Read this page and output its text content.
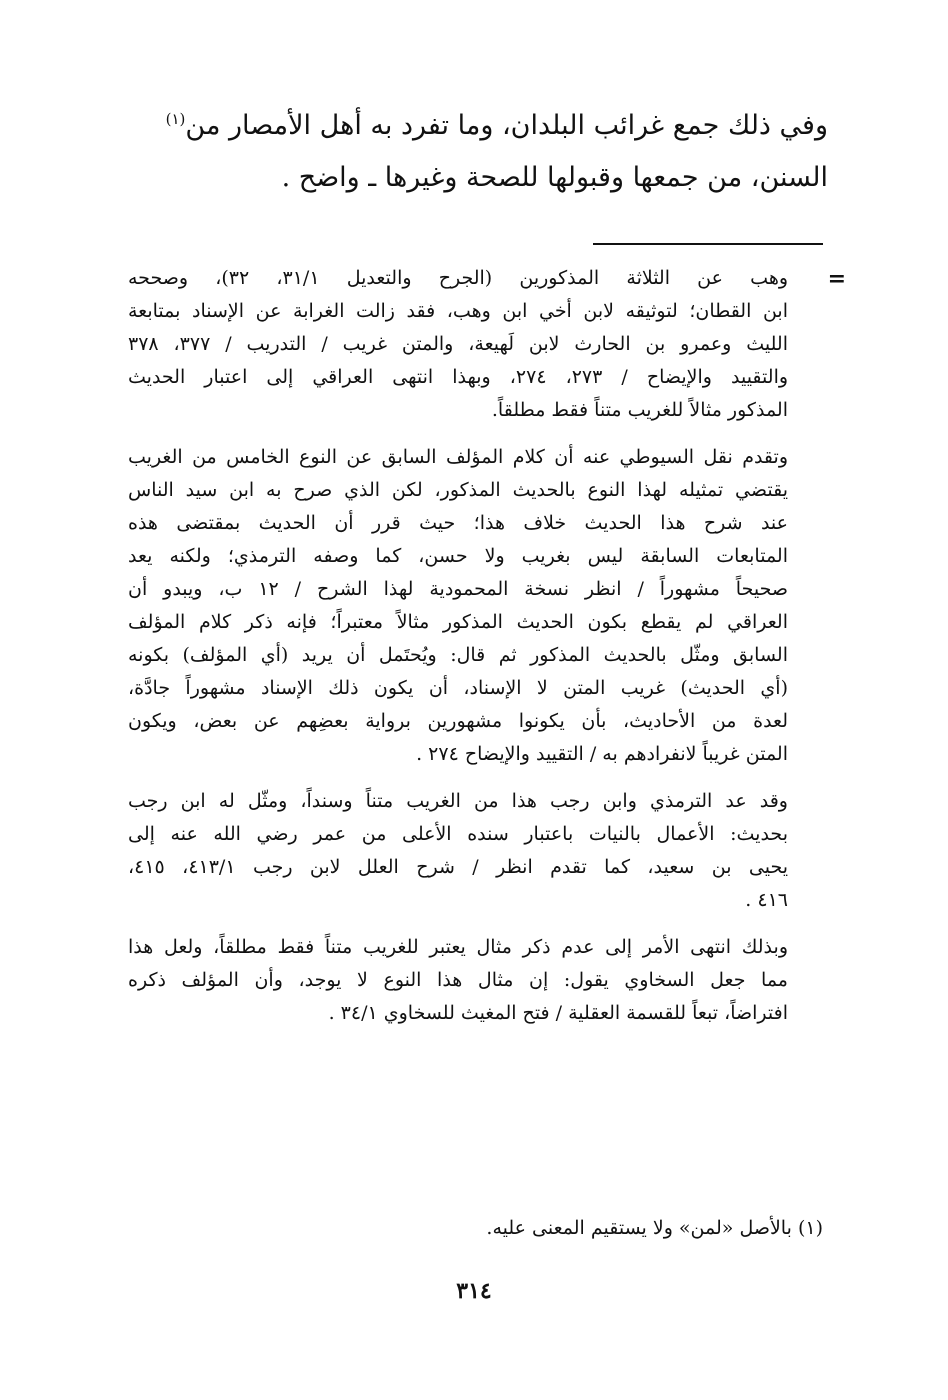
وفي ذلك جمع غرائب البلدان، وما تفرد به أهل الأمصار من$^{(١)}$
السنن، من جمعها وقبولها للصحة وغيرها ـ واضح .
=
وهب عن الثلاثة المذكورين (الجرح والتعديل ٣١/١، ٣٢)، وصححه
ابن القطان؛ لتوثيقه لابن أخي ابن وهب، فقد زالت الغرابة عن الإسناد بمتابعة
الليث وعمرو بن الحارث لابن لَهيعة، والمتن غريب / التدريب / ٣٧٧، ٣٧٨
والتقييد والإيضاح / ٢٧٣، ٢٧٤، وبهذا انتهى العراقي إلى اعتبار الحديث
المذكور مثالاً للغريب متناً فقط مطلقاً.
وتقدم نقل السيوطي عنه أن كلام المؤلف السابق عن النوع الخامس من الغريب
يقتضي تمثيله لهذا النوع بالحديث المذكور، لكن الذي صرح به ابن سيد الناس
عند شرح هذا الحديث خلاف هذا؛ حيث قرر أن الحديث بمقتضى هذه
المتابعات السابقة ليس بغريب ولا حسن، كما وصفه الترمذي؛ ولكنه يعد
صحيحاً مشهوراً / انظر نسخة المحمودية لهذا الشرح / ١٢ ب، ويبدو أن
العراقي لم يقطع بكون الحديث المذكور مثالاً معتبراً؛ فإنه ذكر كلام المؤلف
السابق ومثّل بالحديث المذكور ثم قال: ويُحتَمل أن يريد (أي المؤلف) بكونه
(أي الحديث) غريب المتن لا الإسناد، أن يكون ذلك الإسناد مشهوراً جادَّة،
لعدة من الأحاديث، بأن يكونوا مشهورين برواية بعضِهم عن بعض، ويكون
المتن غريباً لانفرادهم به / التقييد والإيضاح ٢٧٤ .
وقد عد الترمذي وابن رجب هذا من الغريب متناً وسنداً، ومثّل له ابن رجب
بحديث: الأعمال بالنيات باعتبار سنده الأعلى من عمر رضي الله عنه إلى
يحيى بن سعيد، كما تقدم انظر / شرح العلل لابن رجب ٤١٣/١، ٤١٥،
٤١٦ .
وبذلك انتهى الأمر إلى عدم ذكر مثال يعتبر للغريب متناً فقط مطلقاً، ولعل هذا
مما جعل السخاوي يقول: إن مثال هذا النوع لا يوجد، وأن المؤلف ذكره
افتراضاً، تبعاً للقسمة العقلية / فتح المغيث للسخاوي ٣٤/١ .
(١) بالأصل «لمن» ولا يستقيم المعنى عليه.
٣١٤
